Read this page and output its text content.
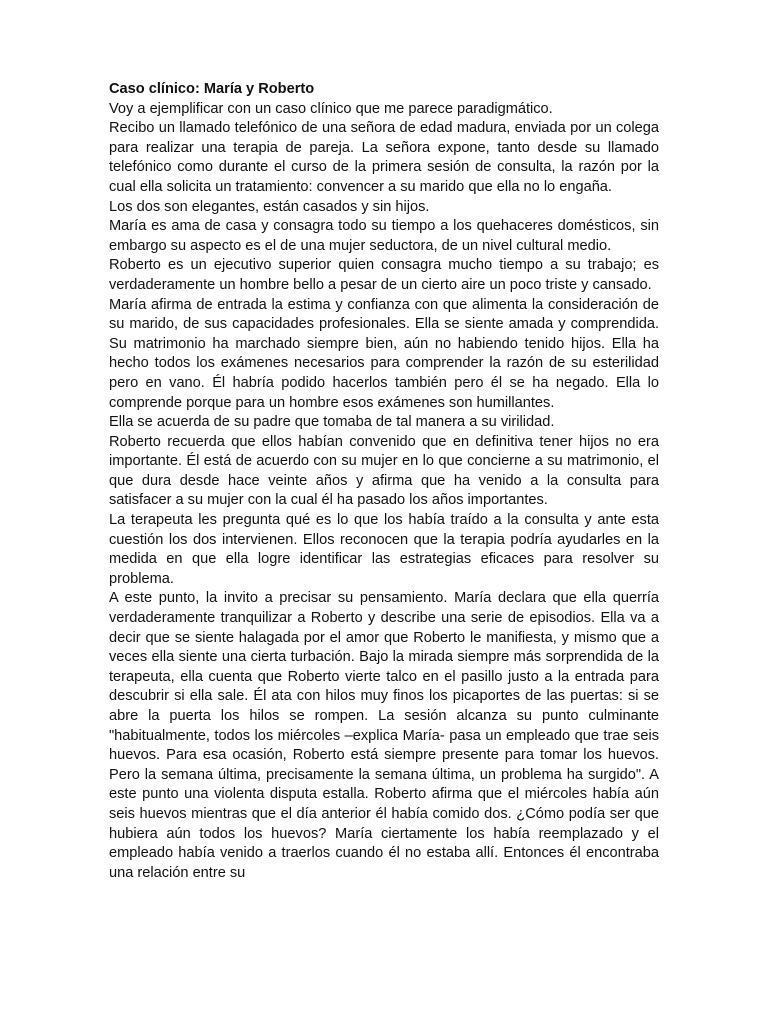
Caso clínico: María y Roberto

Voy a ejemplificar con un caso clínico que me parece paradigmático.

Recibo un llamado telefónico de una señora de edad madura, enviada por un colega para realizar una terapia de pareja. La señora expone, tanto desde su llamado telefónico como durante el curso de la primera sesión de consulta, la razón por la cual ella solicita un tratamiento: convencer a su marido que ella no lo engaña.

Los dos son elegantes, están casados y sin hijos.

María es ama de casa y consagra todo su tiempo a los quehaceres domésticos, sin embargo su aspecto es el de una mujer seductora, de un nivel cultural medio.

Roberto es un ejecutivo superior quien consagra mucho tiempo a su trabajo; es verdaderamente un hombre bello a pesar de un cierto aire un poco triste y cansado.

María afirma de entrada la estima y confianza con que alimenta la consideración de su marido, de sus capacidades profesionales. Ella se siente amada y comprendida. Su matrimonio ha marchado siempre bien, aún no habiendo tenido hijos. Ella ha hecho todos los exámenes necesarios para comprender la razón de su esterilidad pero en vano. Él habría podido hacerlos también pero él se ha negado. Ella lo comprende porque para un hombre esos exámenes son humillantes.

Ella se acuerda de su padre que tomaba de tal manera a su virilidad.

Roberto recuerda que ellos habían convenido que en definitiva tener hijos no era importante. Él está de acuerdo con su mujer en lo que concierne a su matrimonio, el que dura desde hace veinte años y afirma que ha venido a la consulta para satisfacer a su mujer con la cual él ha pasado los años importantes.

La terapeuta les pregunta qué es lo que los había traído a la consulta y ante esta cuestión los dos intervienen. Ellos reconocen que la terapia podría ayudarles en la medida en que ella logre identificar las estrategias eficaces para resolver su problema.

A este punto, la invito a precisar su pensamiento. María declara que ella querría verdaderamente tranquilizar a Roberto y describe una serie de episodios. Ella va a decir que se siente halagada por el amor que Roberto le manifiesta, y mismo que a veces ella siente una cierta turbación. Bajo la mirada siempre más sorprendida de la terapeuta, ella cuenta que Roberto vierte talco en el pasillo justo a la entrada para descubrir si ella sale. Él ata con hilos muy finos los picaportes de las puertas: si se abre la puerta los hilos se rompen. La sesión alcanza su punto culminante "habitualmente, todos los miércoles –explica María- pasa un empleado que trae seis huevos. Para esa ocasión, Roberto está siempre presente para tomar los huevos. Pero la semana última, precisamente la semana última, un problema ha surgido". A este punto una violenta disputa estalla. Roberto afirma que el miércoles había aún seis huevos mientras que el día anterior él había comido dos. ¿Cómo podía ser que hubiera aún todos los huevos? María ciertamente los había reemplazado y el empleado había venido a traerlos cuando él no estaba allí. Entonces él encontraba una relación entre su
